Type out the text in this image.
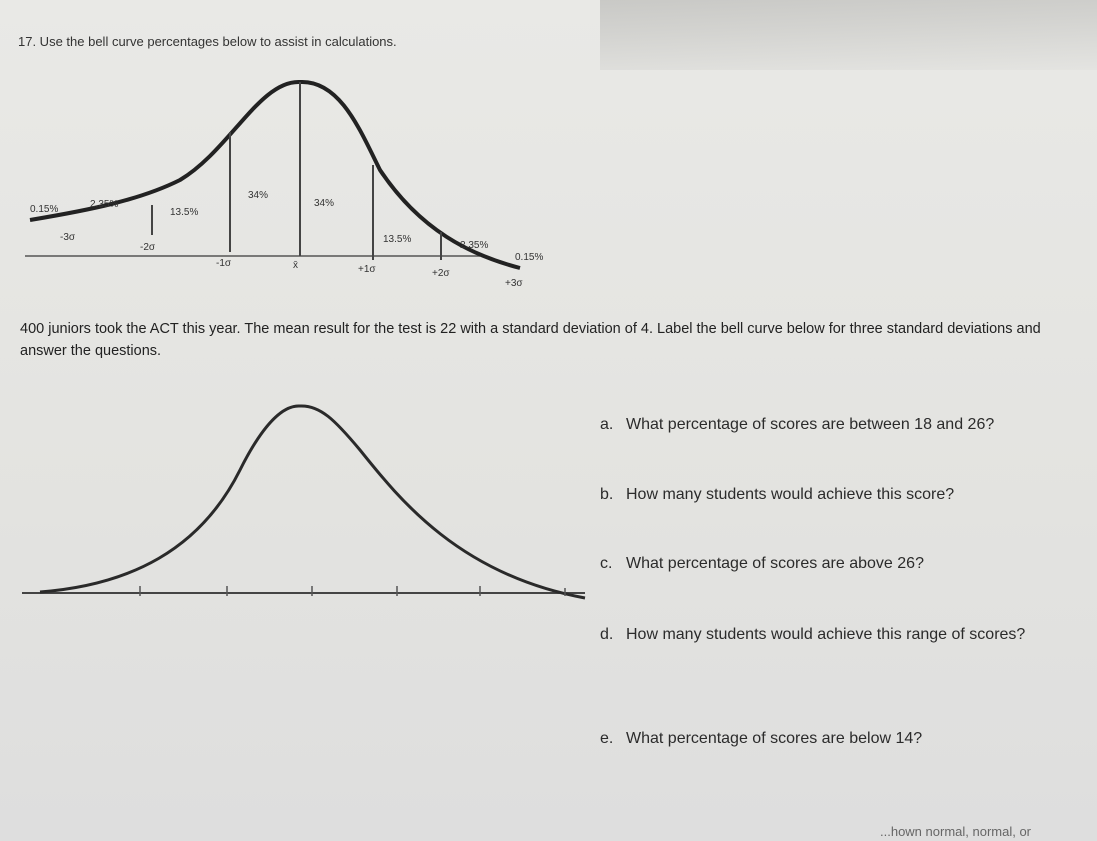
17. Use the bell curve percentages below to assist in calculations.
0.15%	2.35%
13.5%
34%
34%
13.5%
2.35%
0.15%
-3σ
-2σ
-1σ	x̄	+1σ	+2σ
+3σ

400 juniors took the ACT this year. The mean result for the test is 22 with a standard deviation of 4. Label the bell curve below for three standard deviations and answer the questions.

a. What percentage of scores are between 18 and 26?

b. How many students would achieve this score?

c. What percentage of scores are above 26?

d. How many students would achieve this range of scores?

e. What percentage of scores are below 14?

...hown normal, normal, or
